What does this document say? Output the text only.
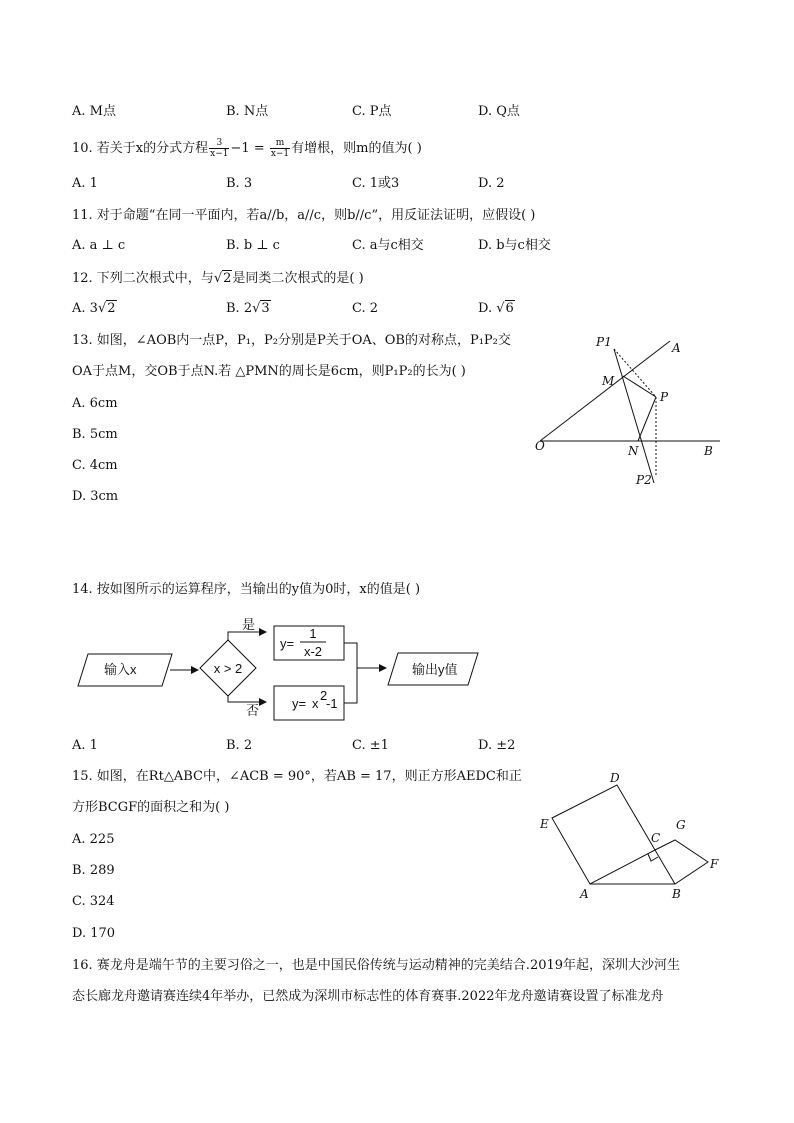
A. M点	B. N点	C. P点	D. Q点
10. 若关于x的分式方程 $\frac{3}{x-1} -1 = \frac{m}{x-1}$ 有增根，则m的值为( )
A. 1	B. 3	C. 1或3	D. 2
11. 对于命题“在同一平面内，若a//b，a//c，则b//c”，用反证法证明，应假设( )
A. a ⊥ c	B. b ⊥ c	C. a与c相交	D. b与c相交
12. 下列二次根式中，与√2是同类二次根式的是( )
A. 3√2	B. 2√3	C. 2	D. √6
13. 如图，∠AOB内一点P，P₁，P₂分别是P关于OA、OB的对称点，P₁P₂交
OA于点M，交OB于点N.若 △PMN的周长是6cm，则P₁P₂的长为( )
A. 6cm
B. 5cm
C. 4cm
D. 3cm
P1	A
M
P
O	N	B
P2
14. 按如图所示的运算程序，当输出的y值为0时，x的值是( )
输入x	x > 2
是
否
y=
1
x-2
y= x
2
-1
输出y值
A. 1	B. 2	C. ±1	D. ±2
15. 如图，在Rt△ABC中，∠ACB = 90°，若AB = 17，则正方形AEDC和正
方形BCGF的面积之和为( )
A. 225
B. 289
C. 324
D. 170
D
E
C
G
F
A	B
16. 赛龙舟是端午节的主要习俗之一，也是中国民俗传统与运动精神的完美结合.2019年起，深圳大沙河生
态长廊龙舟邀请赛连续4年举办，已然成为深圳市标志性的体育赛事.2022年龙舟邀请赛设置了标准龙舟
